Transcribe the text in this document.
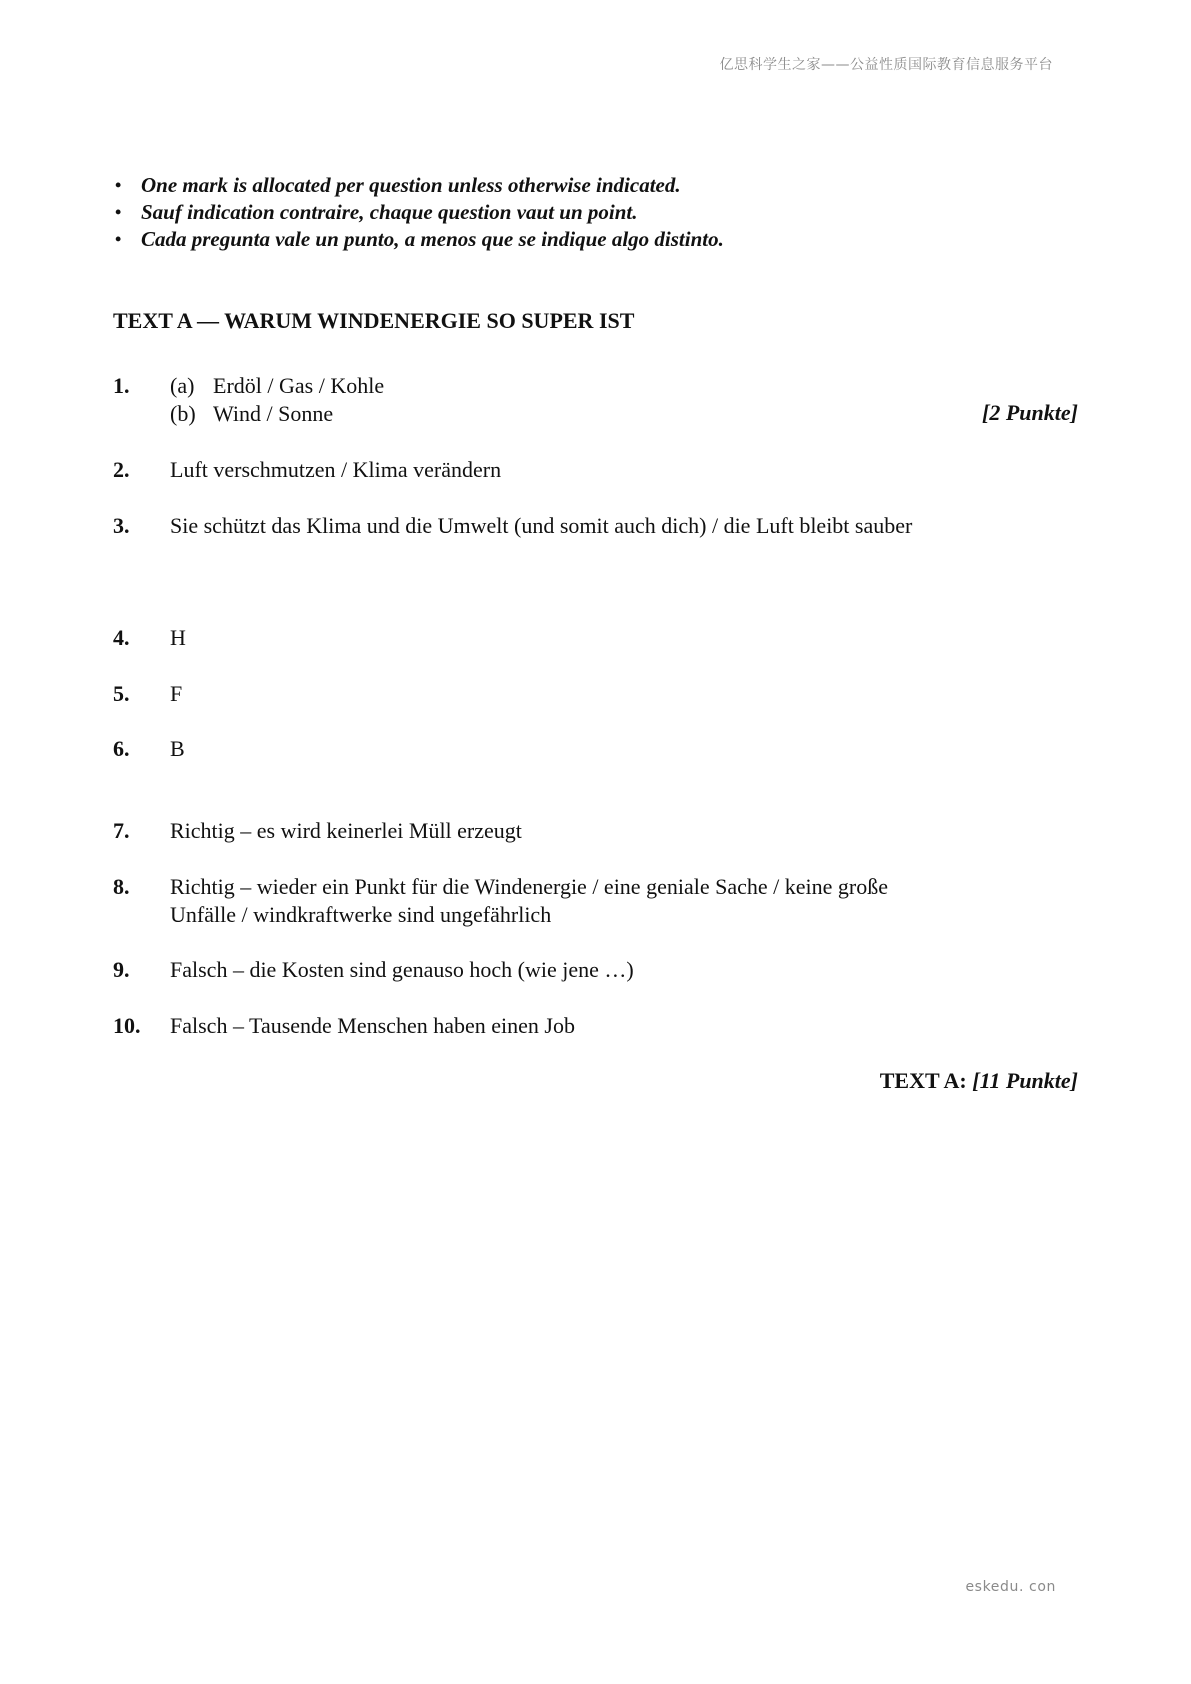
亿思科学生之家——公益性质国际教育信息服务平台
• One mark is allocated per question unless otherwise indicated.
• Sauf indication contraire, chaque question vaut un point.
• Cada pregunta vale un punto, a menos que se indique algo distinto.
TEXT A — WARUM WINDENERGIE SO SUPER IST
1. (a) Erdöl / Gas / Kohle
(b) Wind / Sonne	[2 Punkte]
2. Luft verschmutzen / Klima verändern
3. Sie schützt das Klima und die Umwelt (und somit auch dich) / die Luft bleibt sauber
4. H
5. F
6. B
7. Richtig – es wird keinerlei Müll erzeugt
8. Richtig – wieder ein Punkt für die Windenergie / eine geniale Sache / keine große
Unfälle / windkraftwerke sind ungefährlich
9. Falsch – die Kosten sind genauso hoch (wie jene …)
10. Falsch – Tausende Menschen haben einen Job
TEXT A: [11 Punkte]
eskedu. con
